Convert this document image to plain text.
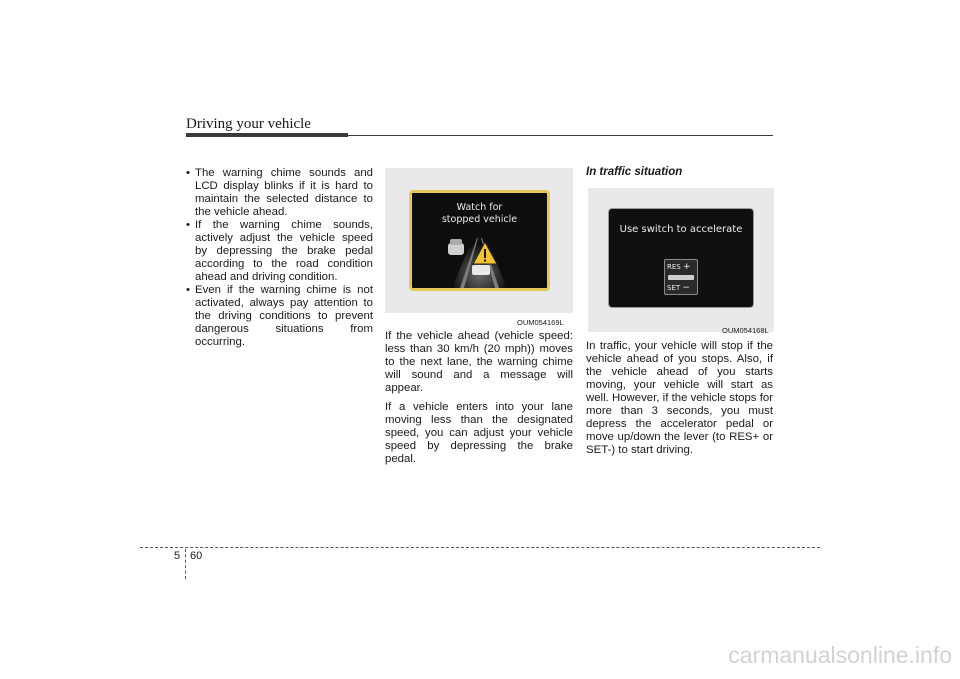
Driving your vehicle
• The warning chime sounds and LCD display blinks if it is hard to maintain the selected distance to the vehicle ahead.
• If the warning chime sounds, actively adjust the vehicle speed by depressing the brake pedal according to the road condition ahead and driving condition.
• Even if the warning chime is not activated, always pay attention to the driving conditions to prevent dangerous situations from occurring.
Watch for
stopped vehicle
OUM054169L

If the vehicle ahead (vehicle speed: less than 30 km/h (20 mph)) moves to the next lane, the warning chime will sound and a message will appear.

If a vehicle enters into your lane moving less than the designated speed, you can adjust your vehicle speed by depressing the brake pedal.

In traffic situation
Use switch to accelerate
RES +
SET −
OUM054168L

In traffic, your vehicle will stop if the vehicle ahead of you stops. Also, if the vehicle ahead of you starts moving, your vehicle will start as well. However, if the vehicle stops for more than 3 seconds, you must depress the accelerator pedal or move up/down the lever (to RES+ or SET-) to start driving.

5 60
carmanualsonline.info
